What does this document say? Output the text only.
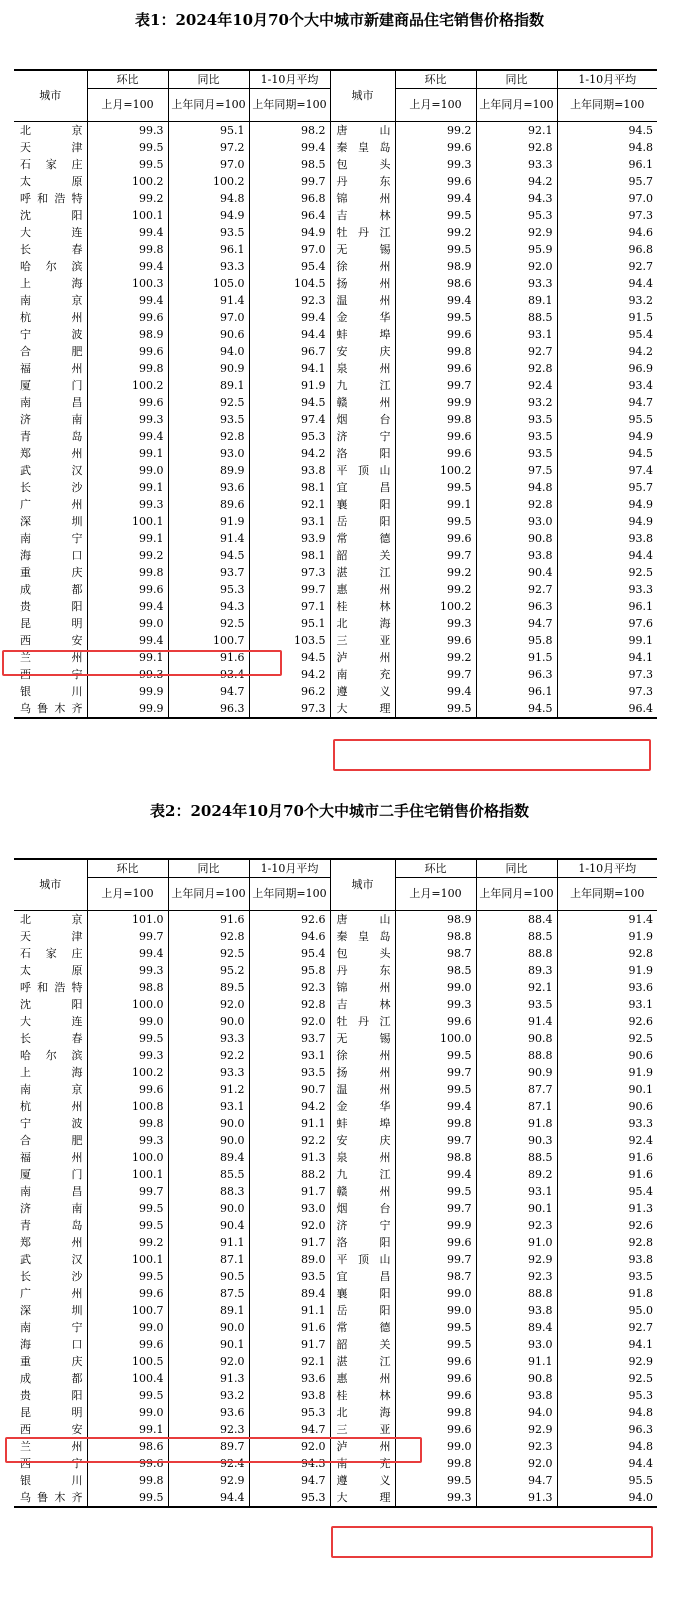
表1：2024年10月70个大中城市新建商品住宅销售价格指数
城市	环比	同比	1-10月平均	城市	环比	同比	1-10月平均
	上月=100	上年同月=100	上年同期=100		上月=100	上年同月=100	上年同期=100
北京	99.3	95.1	98.2	唐山	99.2	92.1	94.5
天津	99.5	97.2	99.4	秦皇岛	99.6	92.8	94.8
石家庄	99.5	97.0	98.5	包头	99.3	93.3	96.1
太原	100.2	100.2	99.7	丹东	99.6	94.2	95.7
呼和浩特	99.2	94.8	96.8	锦州	99.4	94.3	97.0
沈阳	100.1	94.9	96.4	吉林	99.5	95.3	97.3
大连	99.4	93.5	94.9	牡丹江	99.2	92.9	94.6
长春	99.8	96.1	97.0	无锡	99.5	95.9	96.8
哈尔滨	99.4	93.3	95.4	徐州	98.9	92.0	92.7
上海	100.3	105.0	104.5	扬州	98.6	93.3	94.4
南京	99.4	91.4	92.3	温州	99.4	89.1	93.2
杭州	99.6	97.0	99.4	金华	99.5	88.5	91.5
宁波	98.9	90.6	94.4	蚌埠	99.6	93.1	95.4
合肥	99.6	94.0	96.7	安庆	99.8	92.7	94.2
福州	99.8	90.9	94.1	泉州	99.6	92.8	96.9
厦门	100.2	89.1	91.9	九江	99.7	92.4	93.4
南昌	99.6	92.5	94.5	赣州	99.9	93.2	94.7
济南	99.3	93.5	97.4	烟台	99.8	93.5	95.5
青岛	99.4	92.8	95.3	济宁	99.6	93.5	94.9
郑州	99.1	93.0	94.2	洛阳	99.6	93.5	94.5
武汉	99.0	89.9	93.8	平顶山	100.2	97.5	97.4
长沙	99.1	93.6	98.1	宜昌	99.5	94.8	95.7
广州	99.3	89.6	92.1	襄阳	99.1	92.8	94.9
深圳	100.1	91.9	93.1	岳阳	99.5	93.0	94.9
南宁	99.1	91.4	93.9	常德	99.6	90.8	93.8
海口	99.2	94.5	98.1	韶关	99.7	93.8	94.4
重庆	99.8	93.7	97.3	湛江	99.2	90.4	92.5
成都	99.6	95.3	99.7	惠州	99.2	92.7	93.3
贵阳	99.4	94.3	97.1	桂林	100.2	96.3	96.1
昆明	99.0	92.5	95.1	北海	99.3	94.7	97.6
西安	99.4	100.7	103.5	三亚	99.6	95.8	99.1
兰州	99.1	91.6	94.5	泸州	99.2	91.5	94.1
西宁	99.3	93.4	94.2	南充	99.7	96.3	97.3
银川	99.9	94.7	96.2	遵义	99.4	96.1	97.3
乌鲁木齐	99.9	96.3	97.3	大理	99.5	94.5	96.4
表2：2024年10月70个大中城市二手住宅销售价格指数
城市	环比	同比	1-10月平均	城市	环比	同比	1-10月平均
	上月=100	上年同月=100	上年同期=100		上月=100	上年同月=100	上年同期=100
北京	101.0	91.6	92.6	唐山	98.9	88.4	91.4
天津	99.7	92.8	94.6	秦皇岛	98.8	88.5	91.9
石家庄	99.4	92.5	95.4	包头	98.7	88.8	92.8
太原	99.3	95.2	95.8	丹东	98.5	89.3	91.9
呼和浩特	98.8	89.5	92.3	锦州	99.0	92.1	93.6
沈阳	100.0	92.0	92.8	吉林	99.3	93.5	93.1
大连	99.0	90.0	92.0	牡丹江	99.6	91.4	92.6
长春	99.5	93.3	93.7	无锡	100.0	90.8	92.5
哈尔滨	99.3	92.2	93.1	徐州	99.5	88.8	90.6
上海	100.2	93.3	93.5	扬州	99.7	90.9	91.9
南京	99.6	91.2	90.7	温州	99.5	87.7	90.1
杭州	100.8	93.1	94.2	金华	99.4	87.1	90.6
宁波	99.8	90.0	91.1	蚌埠	99.8	91.8	93.3
合肥	99.3	90.0	92.2	安庆	99.7	90.3	92.4
福州	100.0	89.4	91.3	泉州	98.8	88.5	91.6
厦门	100.1	85.5	88.2	九江	99.4	89.2	91.6
南昌	99.7	88.3	91.7	赣州	99.5	93.1	95.4
济南	99.5	90.0	93.0	烟台	99.7	90.1	91.3
青岛	99.5	90.4	92.0	济宁	99.9	92.3	92.6
郑州	99.2	91.1	91.7	洛阳	99.6	91.0	92.8
武汉	100.1	87.1	89.0	平顶山	99.7	92.9	93.8
长沙	99.5	90.5	93.5	宜昌	98.7	92.3	93.5
广州	99.6	87.5	89.4	襄阳	99.0	88.8	91.8
深圳	100.7	89.1	91.1	岳阳	99.0	93.8	95.0
南宁	99.0	90.0	91.6	常德	99.5	89.4	92.7
海口	99.6	90.1	91.7	韶关	99.5	93.0	94.1
重庆	100.5	92.0	92.1	湛江	99.6	91.1	92.9
成都	100.4	91.3	93.6	惠州	99.6	90.8	92.5
贵阳	99.5	93.2	93.8	桂林	99.6	93.8	95.3
昆明	99.0	93.6	95.3	北海	99.8	94.0	94.8
西安	99.1	92.3	94.7	三亚	99.6	92.9	96.3
兰州	98.6	89.7	92.0	泸州	99.0	92.3	94.8
西宁	99.6	92.4	94.3	南充	99.8	92.0	94.4
银川	99.8	92.9	94.7	遵义	99.5	94.7	95.5
乌鲁木齐	99.5	94.4	95.3	大理	99.3	91.3	94.0
